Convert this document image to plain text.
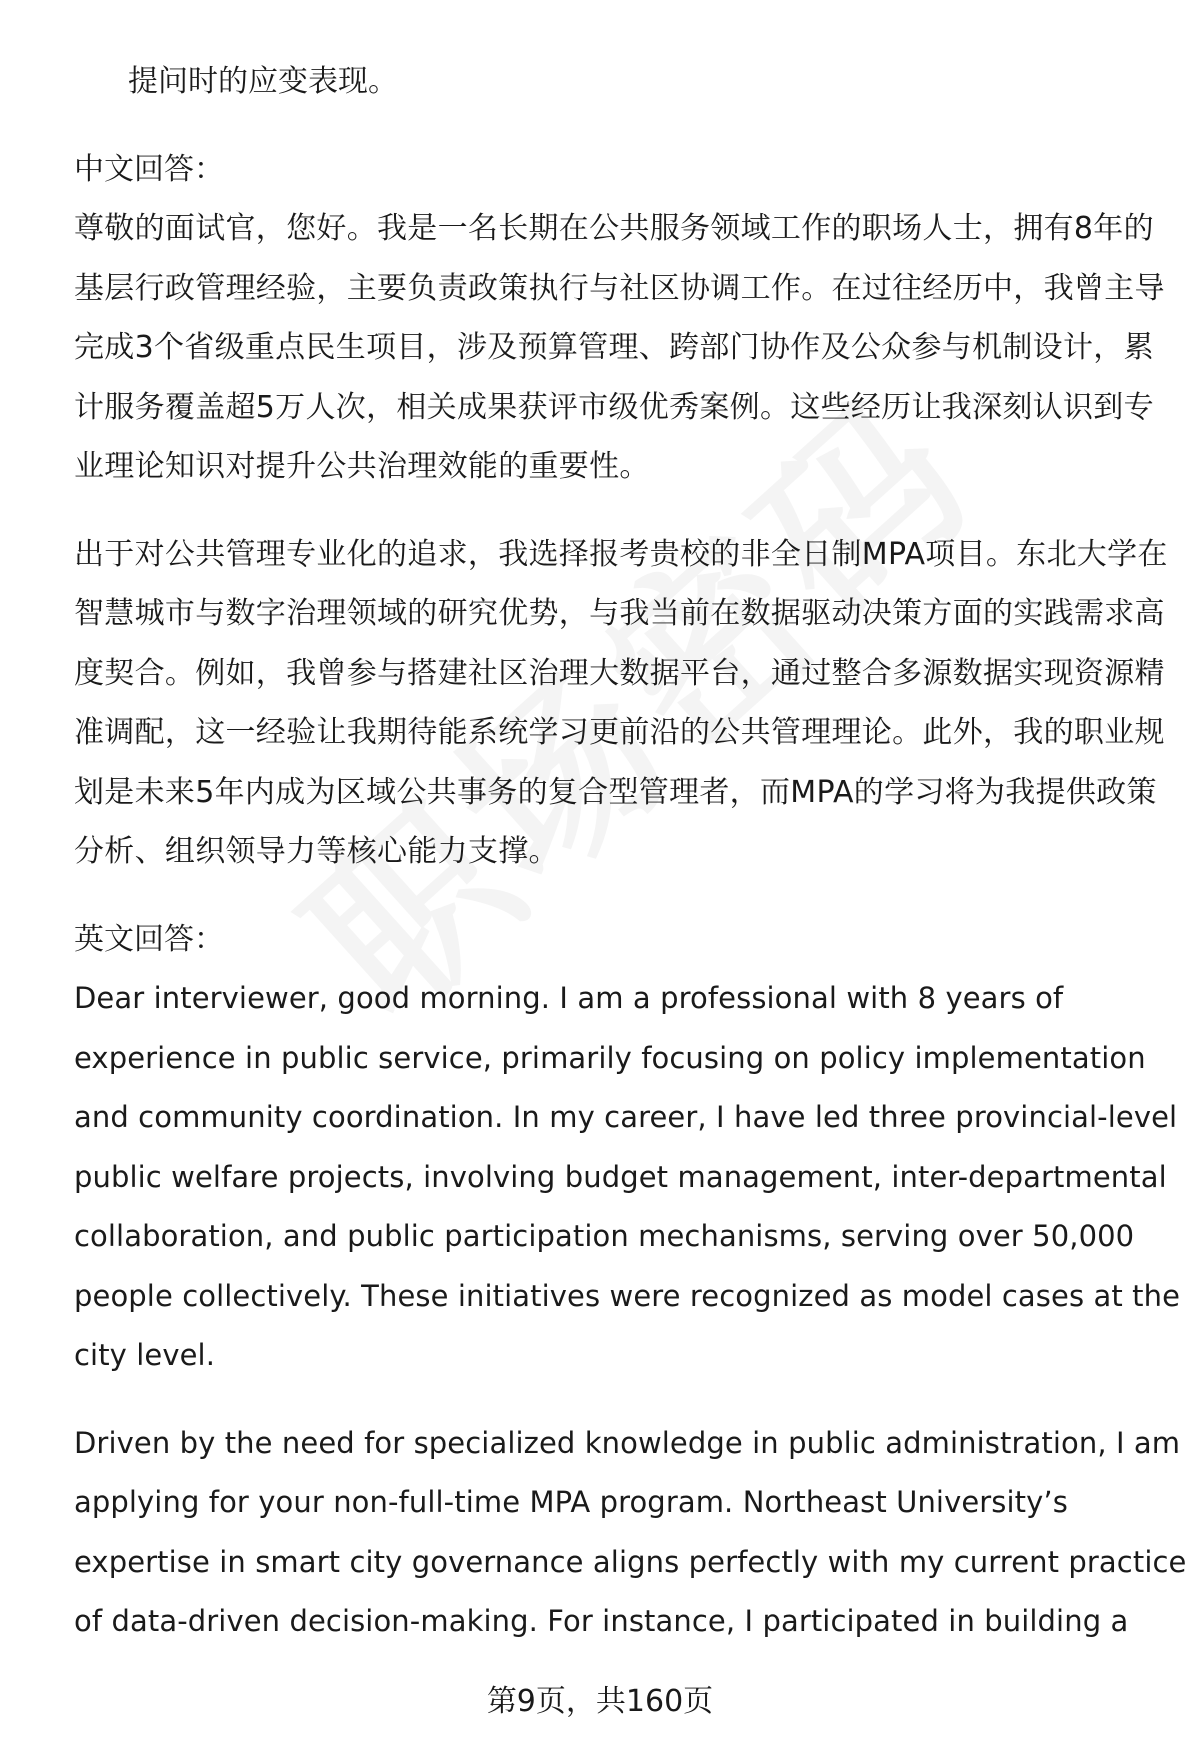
提问时的应变表现。
中文回答：
尊敬的面试官，您好。我是一名长期在公共服务领域工作的职场人士，拥有8年的
基层行政管理经验，主要负责政策执行与社区协调工作。在过往经历中，我曾主导
完成3个省级重点民生项目，涉及预算管理、跨部门协作及公众参与机制设计，累
计服务覆盖超5万人次，相关成果获评市级优秀案例。这些经历让我深刻认识到专
业理论知识对提升公共治理效能的重要性。
出于对公共管理专业化的追求，我选择报考贵校的非全日制MPA项目。东北大学在
智慧城市与数字治理领域的研究优势，与我当前在数据驱动决策方面的实践需求高
度契合。例如，我曾参与搭建社区治理大数据平台，通过整合多源数据实现资源精
准调配，这一经验让我期待能系统学习更前沿的公共管理理论。此外，我的职业规
划是未来5年内成为区域公共事务的复合型管理者，而MPA的学习将为我提供政策
分析、组织领导力等核心能力支撑。
英文回答：
Dear interviewer, good morning. I am a professional with 8 years of
experience in public service, primarily focusing on policy implementation
and community coordination. In my career, I have led three provincial-level
public welfare projects, involving budget management, inter-departmental
collaboration, and public participation mechanisms, serving over 50,000
people collectively. These initiatives were recognized as model cases at the
city level.
Driven by the need for specialized knowledge in public administration, I am
applying for your non-full-time MPA program. Northeast University’s
expertise in smart city governance aligns perfectly with my current practice
of data-driven decision-making. For instance, I participated in building a
第9页，共160页
